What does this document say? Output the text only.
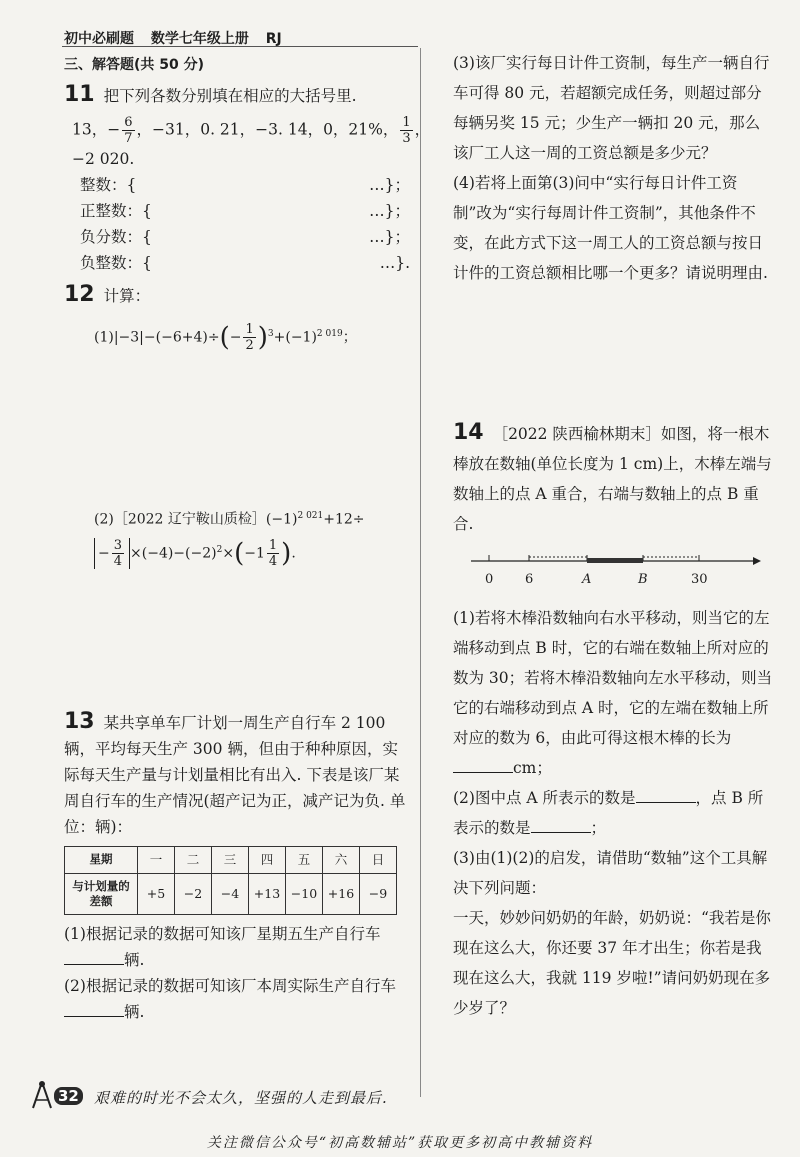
初中必刷题 数学七年级上册 RJ
三、解答题(共 50 分)
11 把下列各数分别填在相应的大括号里.
13，− $\frac{6}{7}$ ，−31，0. 21，−3. 14，0，21%， $\frac{1}{3}$ ，
−2 020.
整数：{	…}；
正整数：{	…}；
负分数：{	…}；
负整数：{	…}.
12 计算：
$(1)|-3|-(-6+4)\div(- \frac{1}{2} )^3+(-1)^{2 019}$；
(2)［2022 辽宁鞍山质检$](-1)^{2 021}+12\div$
− $\frac{3}{4} \times(-4)-(-2)^2\times(-1 \frac{1}{4}$ ).
13 某共享单车厂计划一周生产自行车 2 100 辆，平均每天生产 300 辆，但由于种种原因，实际每天生产量与计划量相比有出入. 下表是该厂某周自行车的生产情况(超产记为正，减产记为负. 单位：辆)：
星期	一	二	三	四	五	六	日
与计划量的差额	+5	−2	−4	+13	−10	+16	−9
(1)根据记录的数据可知该厂星期五生产自行车辆.
(2)根据记录的数据可知该厂本周实际生产自行车辆.
(3)该厂实行每日计件工资制，每生产一辆自行车可得 80 元，若超额完成任务，则超过部分每辆另奖 15 元；少生产一辆扣 20 元，那么该厂工人这一周的工资总额是多少元？
(4)若将上面第(3)问中“实行每日计件工资制”改为“实行每周计件工资制”，其他条件不变，在此方式下这一周工人的工资总额与按日计件的工资总额相比哪一个更多？请说明理由.
14 ［2022 陕西榆林期末］如图，将一根木棒放在数轴(单位长度为 1 cm)上，木棒左端与数轴上的点 A 重合，右端与数轴上的点 B 重合.
0 6	A	B	30
(1)若将木棒沿数轴向右水平移动，则当它的左端移动到点 B 时，它的右端在数轴上所对应的数为 30；若将木棒沿数轴向左水平移动，则当它的右端移动到点 A 时，它的左端在数轴上所对应的数为 6，由此可得这根木棒的长为cm；
(2)图中点 A 所表示的数是	，点 B 所表示的数是	；
(3)由(1)(2)的启发，请借助“数轴”这个工具解决下列问题：
一天，妙妙问奶奶的年龄，奶奶说：“我若是你现在这么大，你还要 37 年才出生；你若是我现在这么大，我就 119 岁啦!”请问奶奶现在多少岁了？
32 艰难的时光不会太久，坚强的人走到最后.
关注微信公众号“初高数辅站”获取更多初高中教辅资料
